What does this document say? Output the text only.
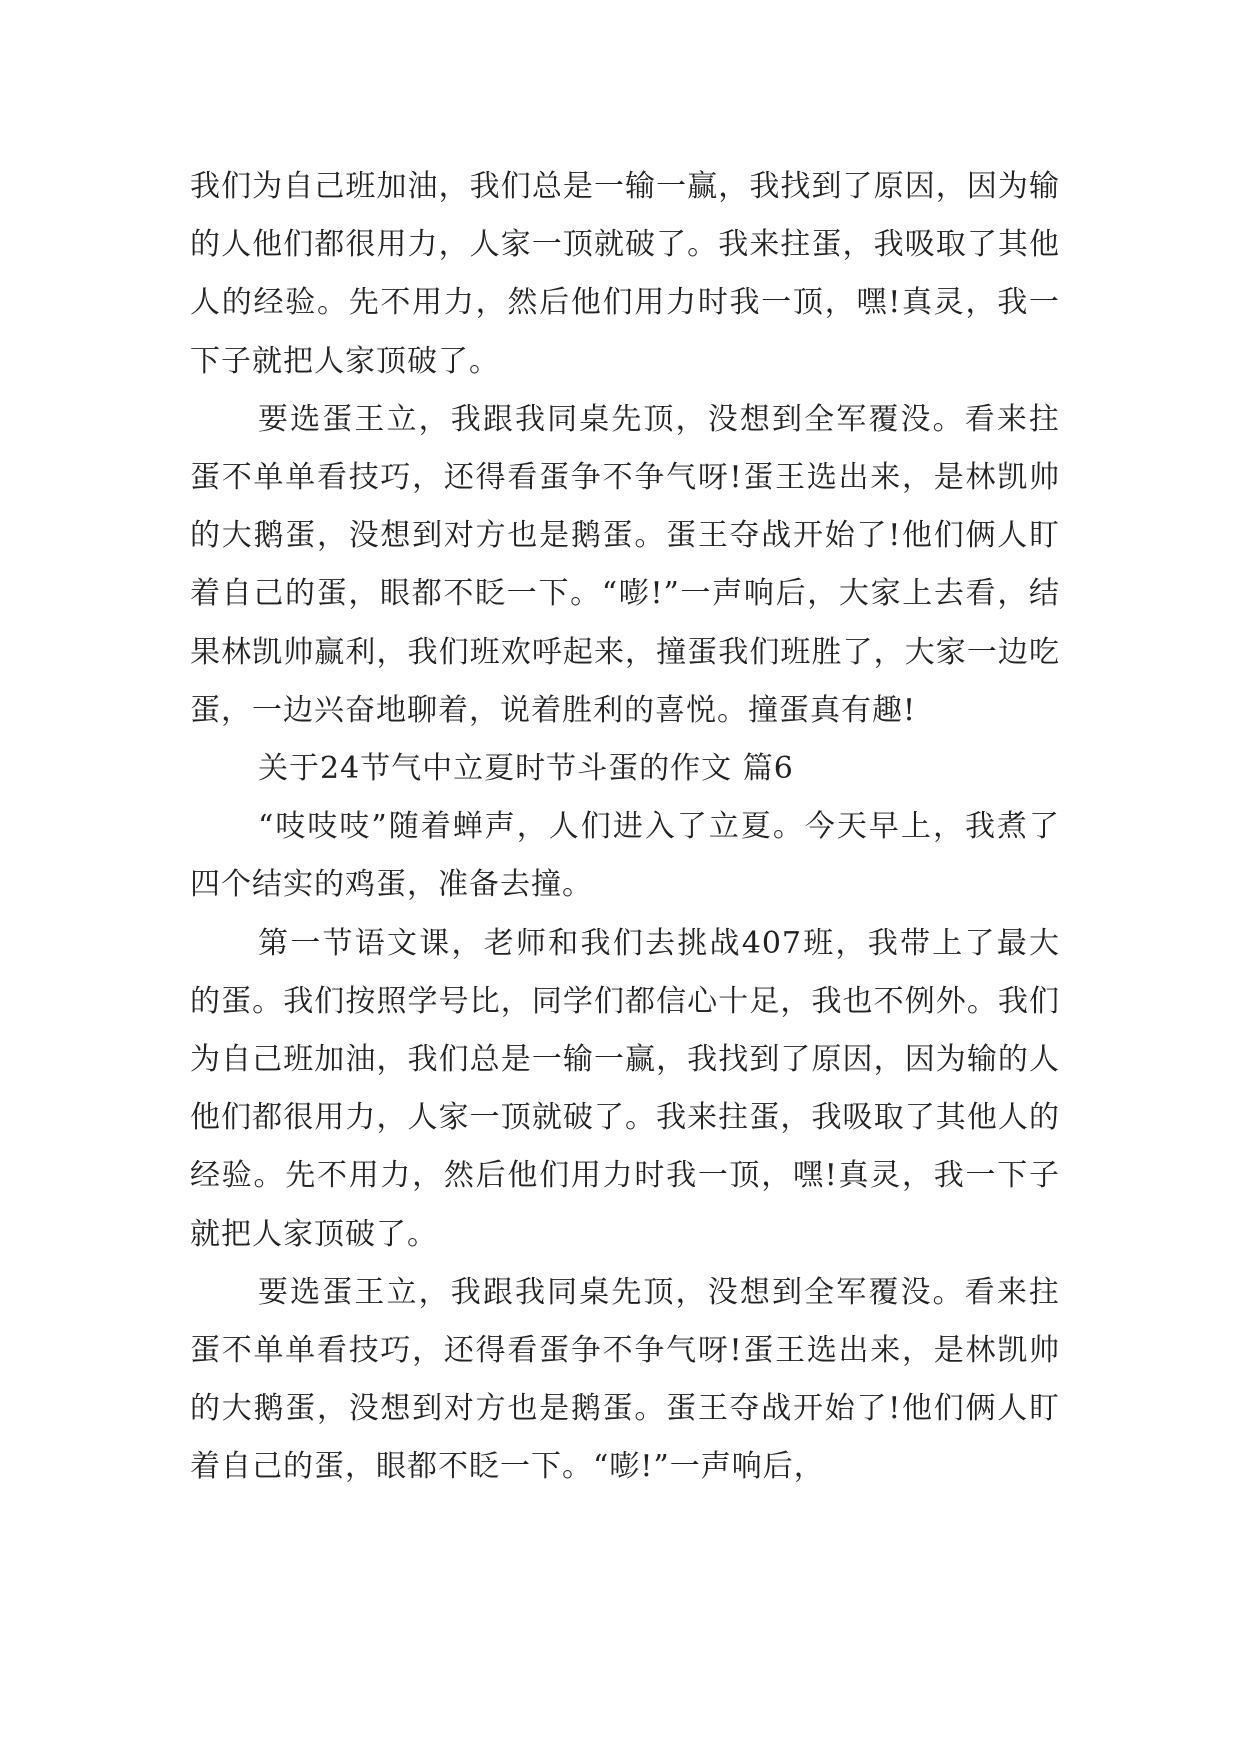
我们为自己班加油，我们总是一输一赢，我找到了原因，因为输的人他们都很用力，人家一顶就破了。我来拄蛋，我吸取了其他人的经验。先不用力，然后他们用力时我一顶，嘿!真灵，我一下子就把人家顶破了。

要选蛋王立，我跟我同桌先顶，没想到全军覆没。看来拄蛋不单单看技巧，还得看蛋争不争气呀!蛋王选出来，是林凯帅的大鹅蛋，没想到对方也是鹅蛋。蛋王夺战开始了!他们俩人盯着自己的蛋，眼都不眨一下。“嘭!”一声响后，大家上去看，结果林凯帅赢利，我们班欢呼起来，撞蛋我们班胜了，大家一边吃蛋，一边兴奋地聊着，说着胜利的喜悦。撞蛋真有趣!

关于24节气中立夏时节斗蛋的作文 篇6

“吱吱吱”随着蝉声，人们进入了立夏。今天早上，我煮了四个结实的鸡蛋，准备去撞。

第一节语文课，老师和我们去挑战407班，我带上了最大的蛋。我们按照学号比，同学们都信心十足，我也不例外。我们为自己班加油，我们总是一输一赢，我找到了原因，因为输的人他们都很用力，人家一顶就破了。我来拄蛋，我吸取了其他人的经验。先不用力，然后他们用力时我一顶，嘿!真灵，我一下子就把人家顶破了。

要选蛋王立，我跟我同桌先顶，没想到全军覆没。看来拄蛋不单单看技巧，还得看蛋争不争气呀!蛋王选出来，是林凯帅的大鹅蛋，没想到对方也是鹅蛋。蛋王夺战开始了!他们俩人盯着自己的蛋，眼都不眨一下。“嘭!”一声响后，
